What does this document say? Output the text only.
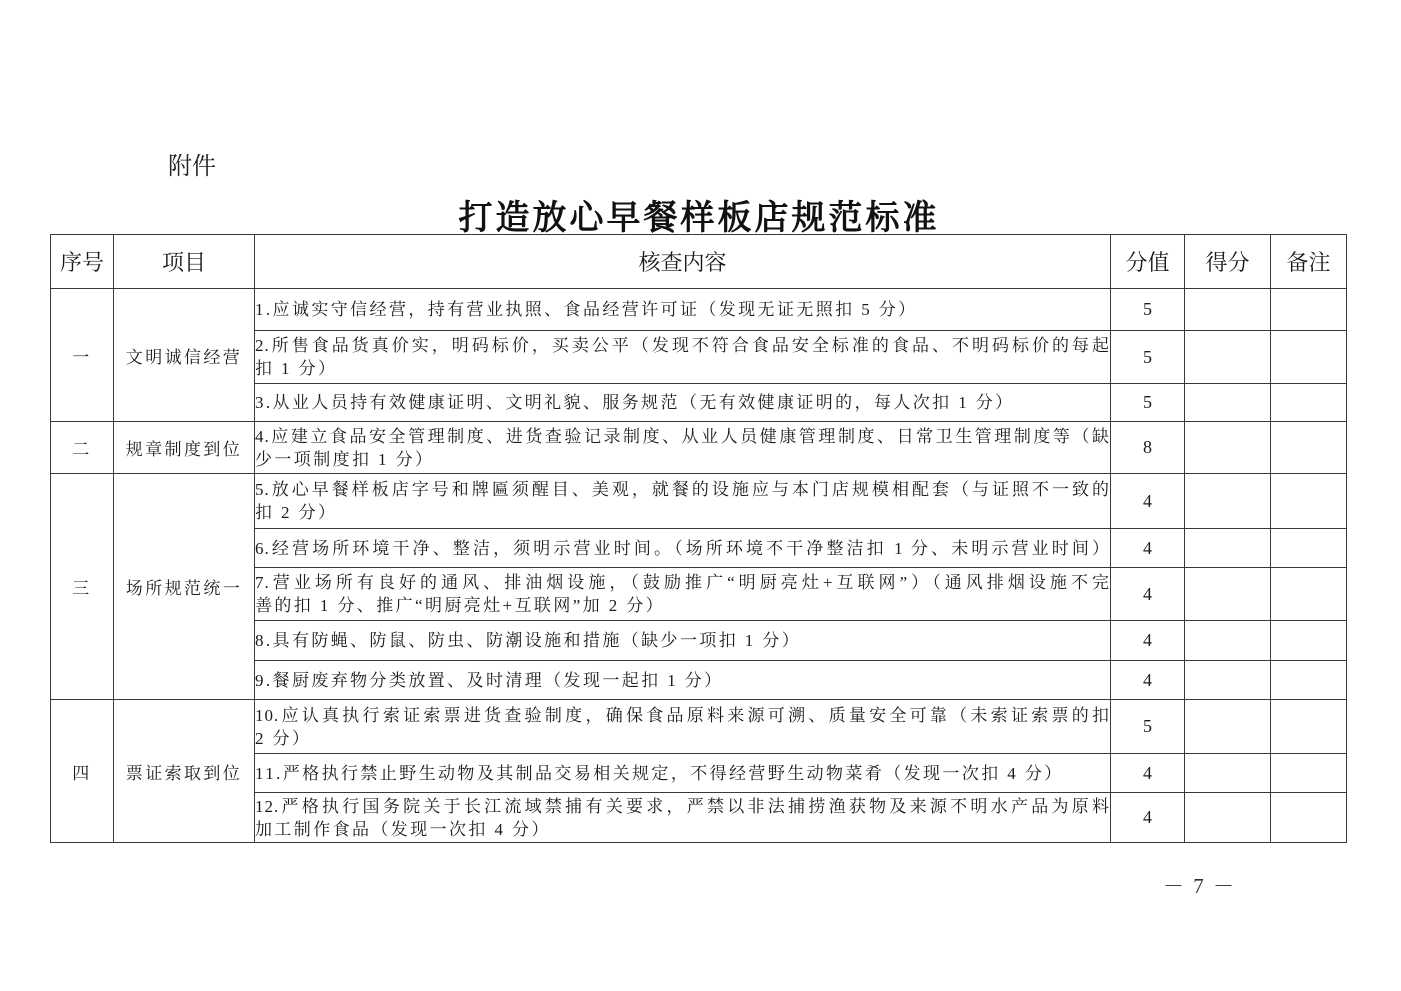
附件
打造放心早餐样板店规范标准
序号	项目	核查内容	分值	得分	备注
一	文明诚信经营	1.应诚实守信经营，持有营业执照、食品经营许可证（发现无证无照扣 5 分）	5		

		2.所售食品货真价实，明码标价，买卖公平（发现不符合食品安全标准的食品、不明码标价的每起
扣 1 分）	5		

		3.从业人员持有效健康证明、文明礼貌、服务规范（无有效健康证明的，每人次扣 1 分）	5		
二	规章制度到位	4.应建立食品安全管理制度、进货查验记录制度、从业人员健康管理制度、日常卫生管理制度等（缺
少一项制度扣 1 分）	8		
三	场所规范统一	5.放心早餐样板店字号和牌匾须醒目、美观，就餐的设施应与本门店规模相配套（与证照不一致的
扣 2 分）	4		

		6.经营场所环境干净、整洁，须明示营业时间。（场所环境不干净整洁扣 1 分、未明示营业时间）	4		

		7.营业场所有良好的通风、排油烟设施，（鼓励推广“明厨亮灶+互联网”）（通风排烟设施不完
善的扣 1 分、推广“明厨亮灶+互联网”加 2 分）	4		

		8.具有防蝇、防鼠、防虫、防潮设施和措施（缺少一项扣 1 分）	4		

		9.餐厨废弃物分类放置、及时清理（发现一起扣 1 分）	4		
四	票证索取到位	10.应认真执行索证索票进货查验制度，确保食品原料来源可溯、质量安全可靠（未索证索票的扣
2 分）	5		

		11.严格执行禁止野生动物及其制品交易相关规定，不得经营野生动物菜肴（发现一次扣 4 分）	4		

		12.严格执行国务院关于长江流域禁捕有关要求，严禁以非法捕捞渔获物及来源不明水产品为原料
加工制作食品（发现一次扣 4 分）	4		
－ 7 －
